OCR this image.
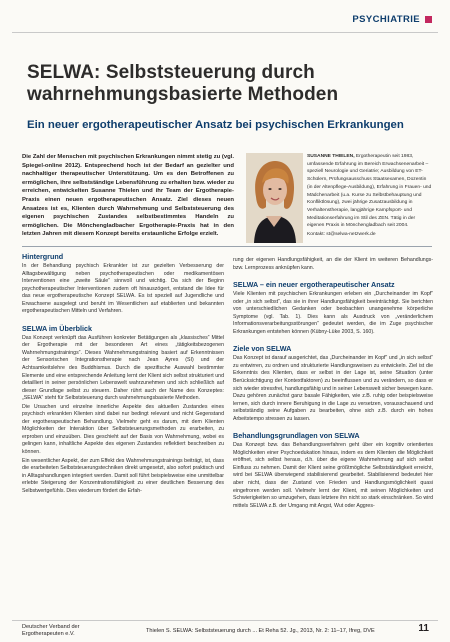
PSYCHIATRIE
SELWA: Selbststeuerung durch
wahrnehmungsbasierte Methoden
Ein neuer ergotherapeutischer Ansatz bei psychischen Erkrankungen

Die Zahl der Menschen mit psychischen Erkrankungen nimmt stetig zu (vgl. Spiegel-online 2012). Entsprechend hoch ist der Bedarf an gezielter und nachhaltiger therapeutischer Unterstützung. Um es den Betroffenen zu ermöglichen, ihre selbstständige Lebensführung zu erhalten bzw. wieder zu erreichen, entwickelten Susanne Thielen und ihr Team der Ergotherapie-Praxis einen neuen ergotherapeutischen Ansatz. Ziel dieses neuen Ansatzes ist es, Klienten durch Wahrnehmung und Selbststeuerung des eigenen psychischen Zustandes selbstbestimmtes Handeln zu ermöglichen. Die Mönchengladbacher Ergotherapie-Praxis hat in den letzten Jahren mit diesem Konzept bereits erstaunliche Erfolge erzielt.

SUSANNE THIELEN, Ergotherapeutin seit 1983, umfassende Erfahrung im Bereich Erwachsenenarbeit – speziell Neurologie und Geriatrie; Ausbildung von ET-Schülern, Prüfungsausschuss Staatsexamen, Dozentin (in der Altenpflege-Ausbildung), Erfahrung in Frauen- und Mädchenarbeit (u.a. Kurse zu Selbstbehauptung und Konfliktlösung), zwei jährige Zusatzausbildung in Verhaltenstherapie, langjährige Kampfsport- und Meditationserfahrung im Stil des ZEN. Tätig in der eigenen Praxis in Mönchengladbach seit 2004.
Kontakt: st@selwa-netzwerk.de
Hintergrund

In der Behandlung psychisch Erkrankter ist zur gezielten Verbesserung der Alltagsbewältigung neben psychotherapeutischen oder medikamentösen Interventionen eine „zweite Säule“ sinnvoll und wichtig. Da sich der Beginn psychotherapeutischer Interventionen zudem oft hinauszögert, entstand die Idee für das neue ergotherapeutische Konzept SELWA. Es ist speziell auf Jugendliche und Erwachsene ausgelegt und beruht im Wesentlichen auf etablierten und bekannten ergotherapeutischen Mitteln und Verfahren.

SELWA im Überblick

Das Konzept verknüpft das Ausführen konkreter Betätigungen als „klassisches“ Mittel der Ergotherapie mit der besonderen Art eines „tätigkeitsbezogenen Wahrnehmungstrainings“. Dieses Wahrnehmungstraining basiert auf Erkenntnissen der Sensorischen Integrationstherapie nach Jean Ayres (SI) und der Achtsamkeitslehre des Buddhismus. Durch die spezifische Auswahl bestimmter Elemente und eine entsprechende Anleitung lernt der Klient sich selbst strukturiert und detailliert in seiner persönlichen Lebenswelt wahrzunehmen und sich schließlich auf dieser Grundlage selbst zu steuern. Daher rührt auch der Name des Konzeptes: „SELWA“ steht für Selbststeuerung durch wahrnehmungsbasierte Methoden.

Die Ursachen und einzelne innerliche Aspekte des aktuellen Zustandes eines psychisch erkrankten Klienten sind dabei nur bedingt relevant und nicht Gegenstand der ergotherapeutischen Behandlung. Vielmehr geht es darum, mit dem Klienten Möglichkeiten der Interaktion über Selbststeuerungsmethoden zu erarbeiten, zu erproben und einzuüben. Dies geschieht auf der Basis von Wahrnehmung, wobei es gelingen kann, inhaltliche Aspekte des eigenen Zustandes reflektiert beschreiben zu können.

Ein wesentlicher Aspekt, der zum Effekt des Wahrnehmungstrainings beiträgt, ist, dass die erarbeiteten Selbststeuerungstechniken direkt umgesetzt, also sofort praktisch und in Alltagshandlungen integriert werden. Damit soll führt beispielsweise eine unmittelbar erlebte Steigerung der Konzentrationsfähigkeit zu einer deutlichen Besserung des Selbstwertgefühls. Dies wiederum fördert die Erfah-

rung der eigenen Handlungsfähigkeit, an die der Klient im weiteren Behandlungs- bzw. Lernprozess anknüpfen kann.

SELWA – ein neuer ergotherapeutischer Ansatz

Viele Klienten mit psychischen Erkrankungen erleben ein „Durcheinander im Kopf“ oder „in sich selbst“, das sie in ihrer Handlungsfähigkeit beeinträchtigt. Sie berichten von unterschiedlichen Gedanken oder beobachten unangenehme körperliche Symptome (vgl. Tab. 1). Dies kann als Ausdruck von „veränderlichem Informationsverarbeitungsstörungen“ gedeutet werden, die im Zuge psychischer Erkrankungen entstehen können (Kübny-Lüke 2003, S. 160).

Ziele von SELWA

Das Konzept ist darauf ausgerichtet, das „Durcheinander im Kopf“ und „in sich selbst“ zu entwirren, zu ordnen und strukturierte Handlungsweisen zu entwickeln. Ziel ist die Erkenntnis des Klienten, dass er selbst in der Lage ist, seine Situation (unter Berücksichtigung der Kontextfaktoren) zu beeinflussen und zu verändern, so dass er sich wieder stressfrei, handlungsfähig und in seiner Lebenswelt sicher bewegen kann. Dazu gehören zunächst ganz basale Fähigkeiten, wie z.B. ruhig oder beispielsweise lernen, sich durch innere Beruhigung in die Lage zu versetzen, vorausschauend und selbstständig seine Aufgaben zu bearbeiten, ohne sich z.B. durch ein hohes Arbeitstempo stressen zu lassen.

Behandlungsgrundlagen von SELWA

Das Konzept bzw. das Behandlungsverfahren geht über ein kognitiv orientiertes Möglichkeiten einer Psychoedukation hinaus, indem es dem Klienten die Möglichkeit eröffnet, sich selbst heraus, d.h. über die eigene Wahrnehmung auf sich selbst Einfluss zu nehmen. Damit der Klient seine größtmögliche Selbstständigkeit erreicht, wird bei SELWA überwiegend stabilisierend gearbeitet. Stabilisierend bedeutet hier aber nicht, dass der Zustand von Frieden und Handlungsmöglichkeit quasi eingefroren werden soll. Vielmehr lernt der Klient, mit seinen Möglichkeiten und Schwierigkeiten so umzugehen, dass letztere ihn nicht so stark einschränken. So wird mittels SELWA z.B. der Umgang mit Angst, Wut oder Aggres-

Deutscher Verband der
Ergotherapeuten e.V.	Thielen S. SELWA: Selbststeuerung durch ... Et Reha 52. Jg., 2013, Nr. 2: 11–17, Ifreg, DVE	11
